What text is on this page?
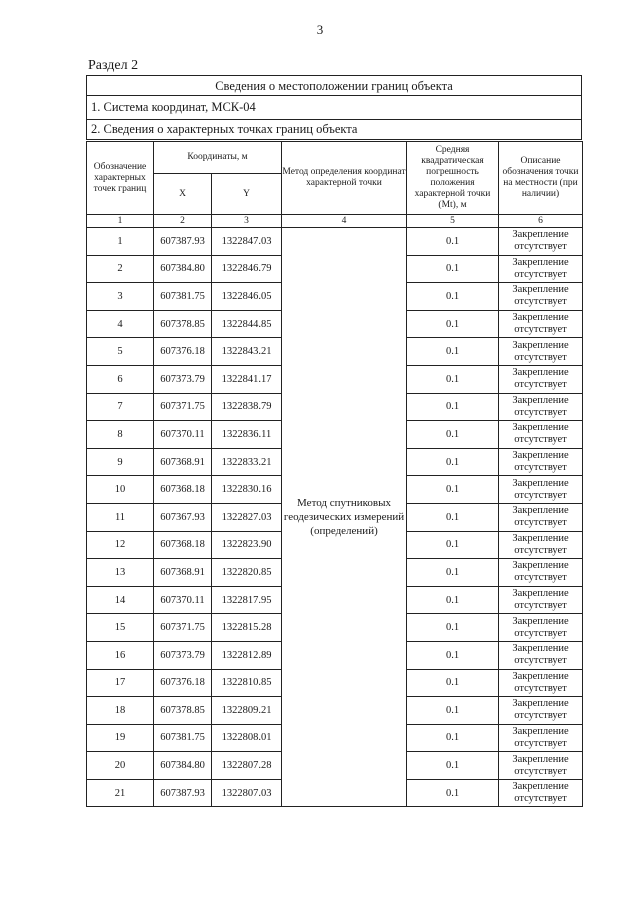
3
Раздел 2
Сведения о местоположении границ объекта
1. Система координат, МСК-04
2. Сведения о характерных точках границ объекта
Обозначение характерных точек границ	Координаты, м		Метод определения координат характерной точки	Средняя квадратическая погрешность положения характерной точки (Mt), м	Описание обозначения точки на местности (при наличии)
	X	Y			
1	2	3	4	5	6
1	607387.93	1322847.03	Метод спутниковых геодезических измерений (определений)	0.1	Закрепление отсутствует
2	607384.80	1322846.79		0.1	Закрепление отсутствует
3	607381.75	1322846.05		0.1	Закрепление отсутствует
4	607378.85	1322844.85		0.1	Закрепление отсутствует
5	607376.18	1322843.21		0.1	Закрепление отсутствует
6	607373.79	1322841.17		0.1	Закрепление отсутствует
7	607371.75	1322838.79		0.1	Закрепление отсутствует
8	607370.11	1322836.11		0.1	Закрепление отсутствует
9	607368.91	1322833.21		0.1	Закрепление отсутствует
10	607368.18	1322830.16		0.1	Закрепление отсутствует
11	607367.93	1322827.03		0.1	Закрепление отсутствует
12	607368.18	1322823.90		0.1	Закрепление отсутствует
13	607368.91	1322820.85		0.1	Закрепление отсутствует
14	607370.11	1322817.95		0.1	Закрепление отсутствует
15	607371.75	1322815.28		0.1	Закрепление отсутствует
16	607373.79	1322812.89		0.1	Закрепление отсутствует
17	607376.18	1322810.85		0.1	Закрепление отсутствует
18	607378.85	1322809.21		0.1	Закрепление отсутствует
19	607381.75	1322808.01		0.1	Закрепление отсутствует
20	607384.80	1322807.28		0.1	Закрепление отсутствует
21	607387.93	1322807.03		0.1	Закрепление отсутствует
